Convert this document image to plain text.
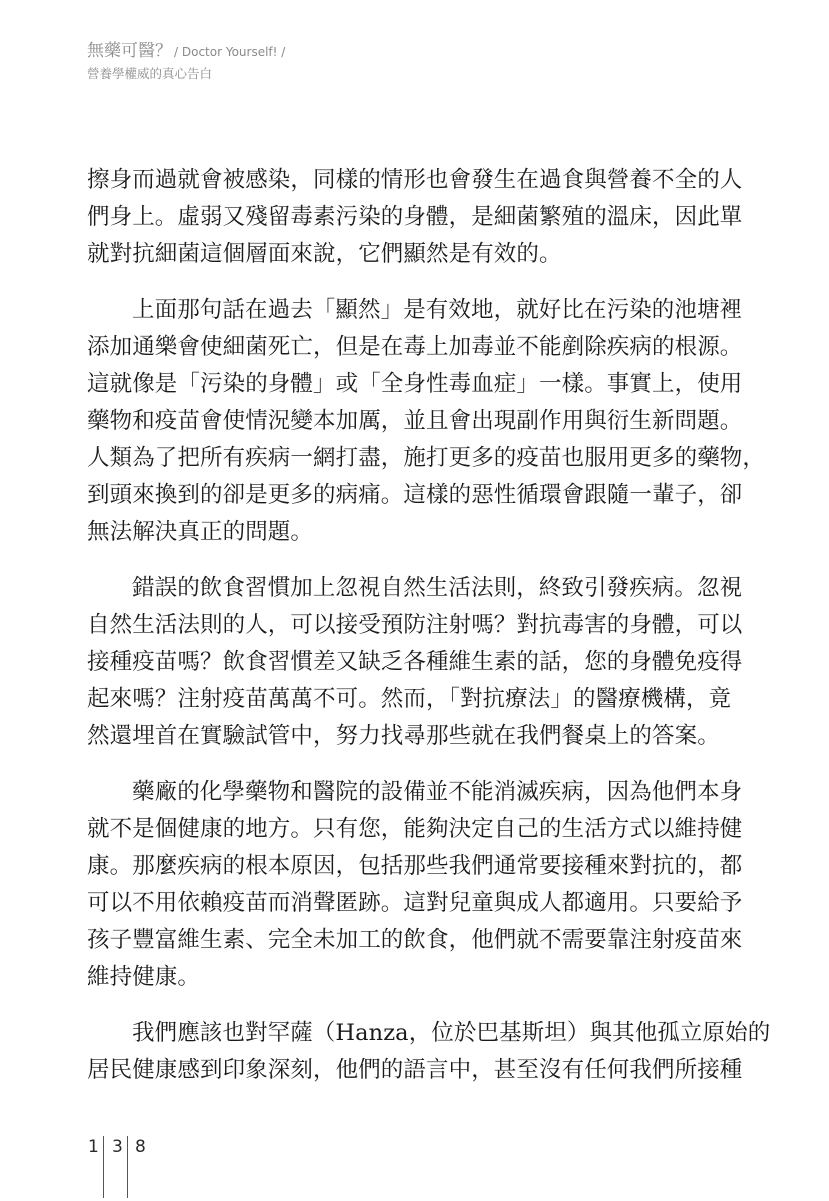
無藥可醫？ / Doctor Yourself! /
營養學權威的真心告白
擦身而過就會被感染，同樣的情形也會發生在過食與營養不全的人
們身上。虛弱又殘留毒素污染的身體，是細菌繁殖的溫床，因此單
就對抗細菌這個層面來說，它們顯然是有效的。
上面那句話在過去「顯然」是有效地，就好比在污染的池塘裡
添加通樂會使細菌死亡，但是在毒上加毒並不能剷除疾病的根源。
這就像是「污染的身體」或「全身性毒血症」一樣。事實上，使用
藥物和疫苗會使情況變本加厲，並且會出現副作用與衍生新問題。
人類為了把所有疾病一網打盡，施打更多的疫苗也服用更多的藥物，
到頭來換到的卻是更多的病痛。這樣的惡性循環會跟隨一輩子，卻
無法解決真正的問題。
錯誤的飲食習慣加上忽視自然生活法則，終致引發疾病。忽視
自然生活法則的人，可以接受預防注射嗎？對抗毒害的身體，可以
接種疫苗嗎？飲食習慣差又缺乏各種維生素的話，您的身體免疫得
起來嗎？注射疫苗萬萬不可。然而，「對抗療法」的醫療機構，竟
然還埋首在實驗試管中，努力找尋那些就在我們餐桌上的答案。
藥廠的化學藥物和醫院的設備並不能消滅疾病，因為他們本身
就不是個健康的地方。只有您，能夠決定自己的生活方式以維持健
康。那麼疾病的根本原因，包括那些我們通常要接種來對抗的，都
可以不用依賴疫苗而消聲匿跡。這對兒童與成人都適用。只要給予
孩子豐富維生素、完全未加工的飲食，他們就不需要靠注射疫苗來
維持健康。
我們應該也對罕薩（Hanza，位於巴基斯坦）與其他孤立原始的
居民健康感到印象深刻，他們的語言中，甚至沒有任何我們所接種
1 3 8
